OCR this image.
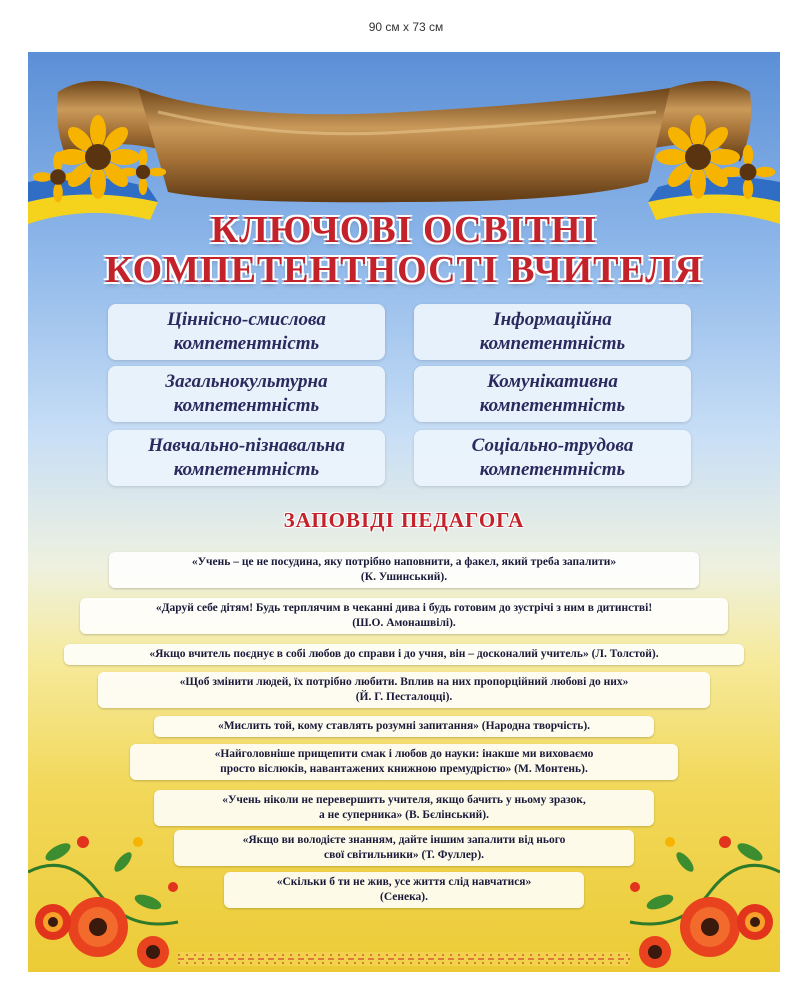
90 см х 73 см
КЛЮЧОВІ ОСВІТНІ
КОМПЕТЕНТНОСТІ ВЧИТЕЛЯ
Ціннісно-смислова
компетентність
Інформаційна
компетентність
Загальнокультурна
компетентність
Комунікативна
компетентність
Навчально-пізнавальна
компетентність
Соціально-трудова
компетентність
ЗАПОВІДІ ПЕДАГОГА
«Учень – це не посудина, яку потрібно наповнити, а факел, який треба запалити»
(К. Ушинський).
«Даруй себе дітям! Будь терплячим в чеканні дива і будь готовим до зустрічі з ним в дитинстві!
(Ш.О. Амонашвілі).
«Якщо вчитель поєднує в собі любов до справи і до учня, він – досконалий учитель» (Л. Толстой).
«Щоб змінити людей, їх потрібно любити. Вплив на них пропорційний любові до них»
(Й. Г. Песталоцці).
«Мислить той, кому ставлять розумні запитання» (Народна творчість).
«Найголовніше прищепити смак і любов до науки: інакше ми виховаємо
просто віслюків, навантажених книжною премудрістю» (М. Монтень).
«Учень ніколи не перевершить учителя, якщо бачить у ньому зразок,
а не суперника» (В. Бєлінський).
«Якщо ви володієте знанням, дайте іншим запалити від нього
свої світильники» (Т. Фуллер).
«Скільки б ти не жив, усе життя слід навчатися»
(Сенека).
